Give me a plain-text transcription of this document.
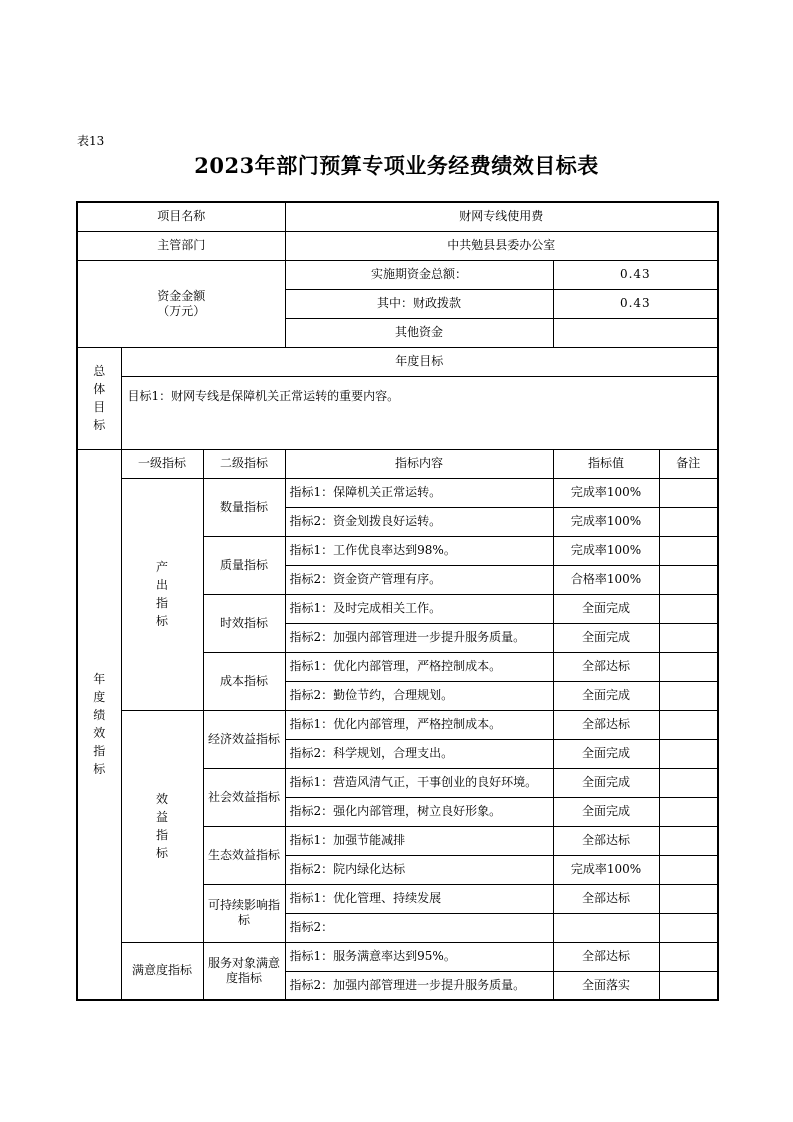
表13
2023年部门预算专项业务经费绩效目标表
项目名称			财网专线使用费		
主管部门			中共勉县县委办公室		

资金金额
（万元）			实施期资金总额：	0.43	
			其中：财政拨款	0.43	
			其他资金		

总体目标	年度目标				
	目标1：财网专线是保障机关正常运转的重要内容。				

年度绩效指标	一级指标	二级指标	指标内容	指标值	备注

	产出指标	数量指标	指标1：保障机关正常运转。	完成率100%	
			指标2：资金划拨良好运转。	完成率100%	
		质量指标	指标1：工作优良率达到98%。	完成率100%	
			指标2：资金资产管理有序。	合格率100%	
		时效指标	指标1：及时完成相关工作。	全面完成	
			指标2：加强内部管理进一步提升服务质量。	全面完成	
		成本指标	指标1：优化内部管理，严格控制成本。	全部达标	
			指标2：勤俭节约，合理规划。	全面完成	

	效益指标	经济效益指标	指标1：优化内部管理，严格控制成本。	全部达标	
			指标2：科学规划，合理支出。	全面完成	
		社会效益指标	指标1：营造风清气正，干事创业的良好环境。	全面完成	
			指标2：强化内部管理，树立良好形象。	全面完成	
		生态效益指标	指标1：加强节能减排	全部达标	
			指标2：院内绿化达标	完成率100%	
		可持续影响指标	指标1：优化管理、持续发展	全部达标	
			指标2：		
	满意度指标	服务对象满意度指标	指标1：服务满意率达到95%。	全部达标	
			指标2：加强内部管理进一步提升服务质量。	全面落实	
